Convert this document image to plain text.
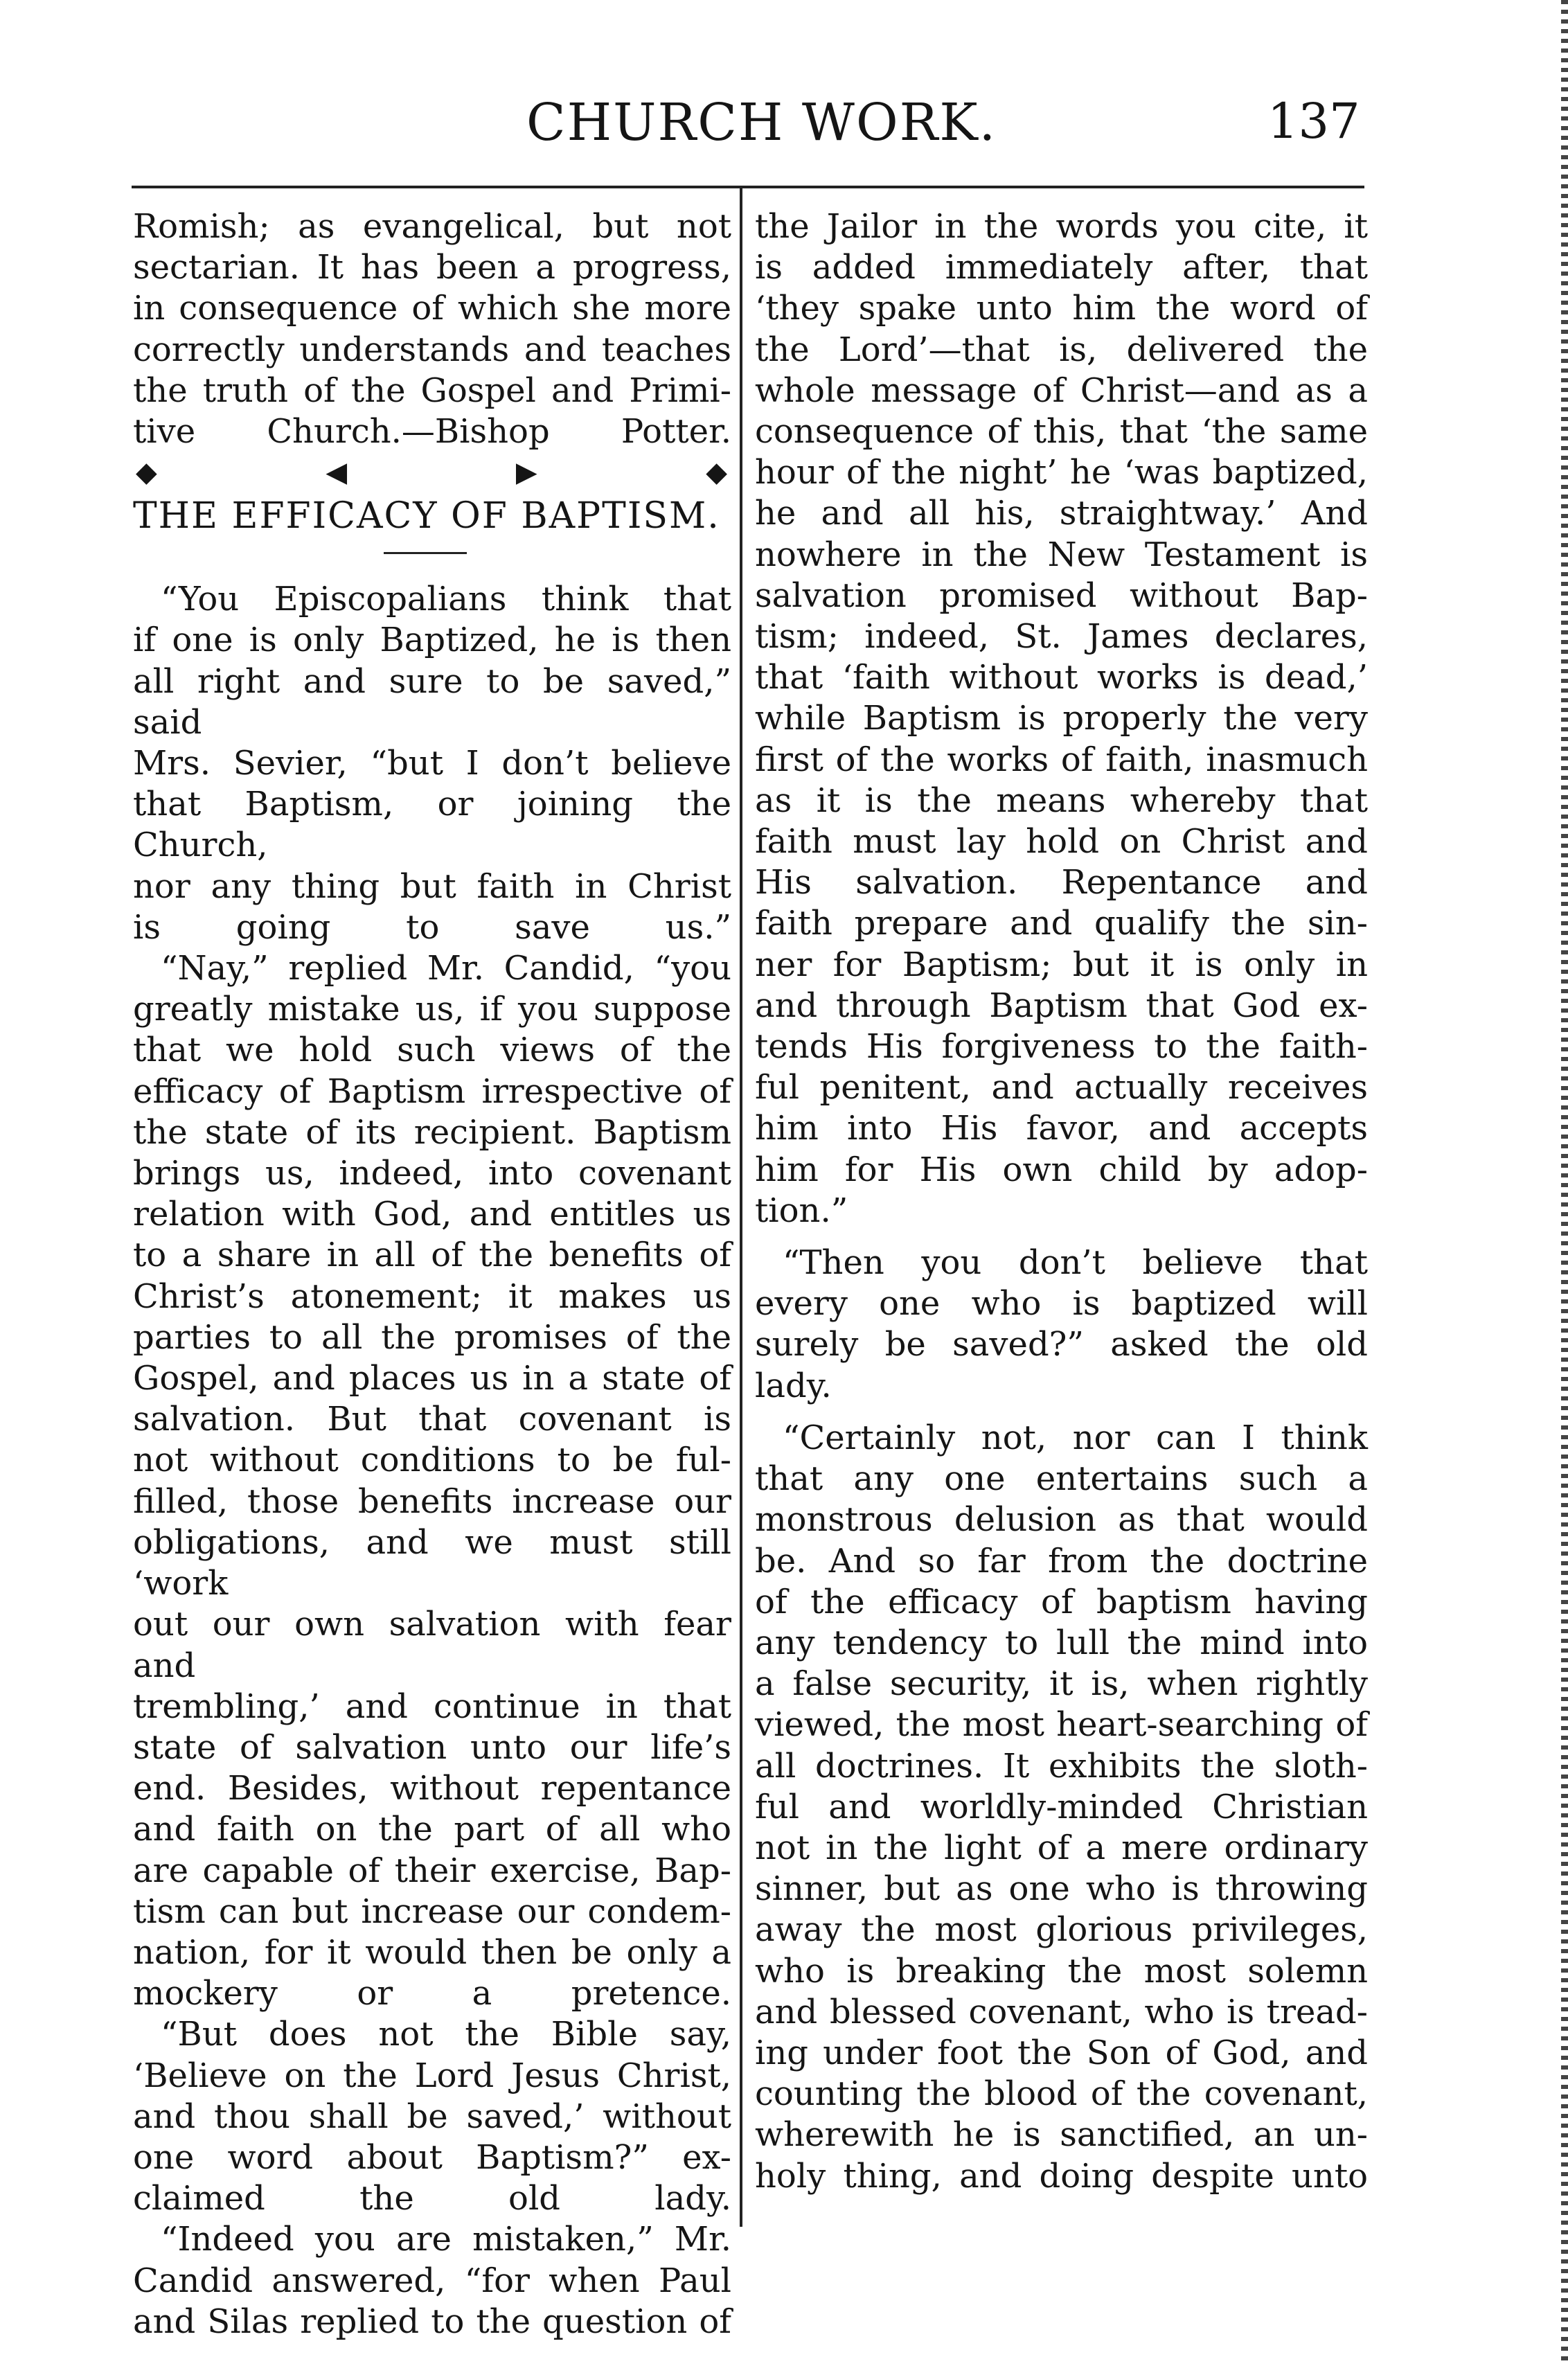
CHURCH WORK.	137

Romish; as evangelical, but not
sectarian. It has been a progress,
in consequence of which she more
correctly understands and teaches
the truth of the Gospel and Primi-
tive Church.—Bishop Potter.

◆◀▶◆

THE EFFICACY OF BAPTISM.

“You Episcopalians think that
if one is only Baptized, he is then
all right and sure to be saved,” said
Mrs. Sevier, “but I don’t believe
that Baptism, or joining the Church,
nor any thing but faith in Christ
is going to save us.”

“Nay,” replied Mr. Candid, “you
greatly mistake us, if you suppose
that we hold such views of the
efficacy of Baptism irrespective of
the state of its recipient. Baptism
brings us, indeed, into covenant
relation with God, and entitles us
to a share in all of the benefits of
Christ’s atonement; it makes us
parties to all the promises of the
Gospel, and places us in a state of
salvation. But that covenant is
not without conditions to be ful-
filled, those benefits increase our
obligations, and we must still ‘work
out our own salvation with fear and
trembling,’ and continue in that
state of salvation unto our life’s
end. Besides, without repentance
and faith on the part of all who
are capable of their exercise, Bap-
tism can but increase our condem-
nation, for it would then be only a
mockery or a pretence.

“But does not the Bible say,
‘Believe on the Lord Jesus Christ,
and thou shall be saved,’ without
one word about Baptism?” ex-
claimed the old lady.

“Indeed you are mistaken,” Mr.
Candid answered, “for when Paul
and Silas replied to the question of

the Jailor in the words you cite, it
is added immediately after, that
‘they spake unto him the word of
the Lord’—that is, delivered the
whole message of Christ—and as a
consequence of this, that ‘the same
hour of the night’ he ‘was baptized,
he and all his, straightway.’ And
nowhere in the New Testament is
salvation promised without Bap-
tism; indeed, St. James declares,
that ‘faith without works is dead,’
while Baptism is properly the very
first of the works of faith, inasmuch
as it is the means whereby that
faith must lay hold on Christ and
His salvation. Repentance and
faith prepare and qualify the sin-
ner for Baptism; but it is only in
and through Baptism that God ex-
tends His forgiveness to the faith-
ful penitent, and actually receives
him into His favor, and accepts
him for His own child by adop-
tion.”

“Then you don’t believe that
every one who is baptized will
surely be saved?” asked the old
lady.

“Certainly not, nor can I think
that any one entertains such a
monstrous delusion as that would
be. And so far from the doctrine
of the efficacy of baptism having
any tendency to lull the mind into
a false security, it is, when rightly
viewed, the most heart-searching of
all doctrines. It exhibits the sloth-
ful and worldly-minded Christian
not in the light of a mere ordinary
sinner, but as one who is throwing
away the most glorious privileges,
who is breaking the most solemn
and blessed covenant, who is tread-
ing under foot the Son of God, and
counting the blood of the covenant,
wherewith he is sanctified, an un-
holy thing, and doing despite unto
